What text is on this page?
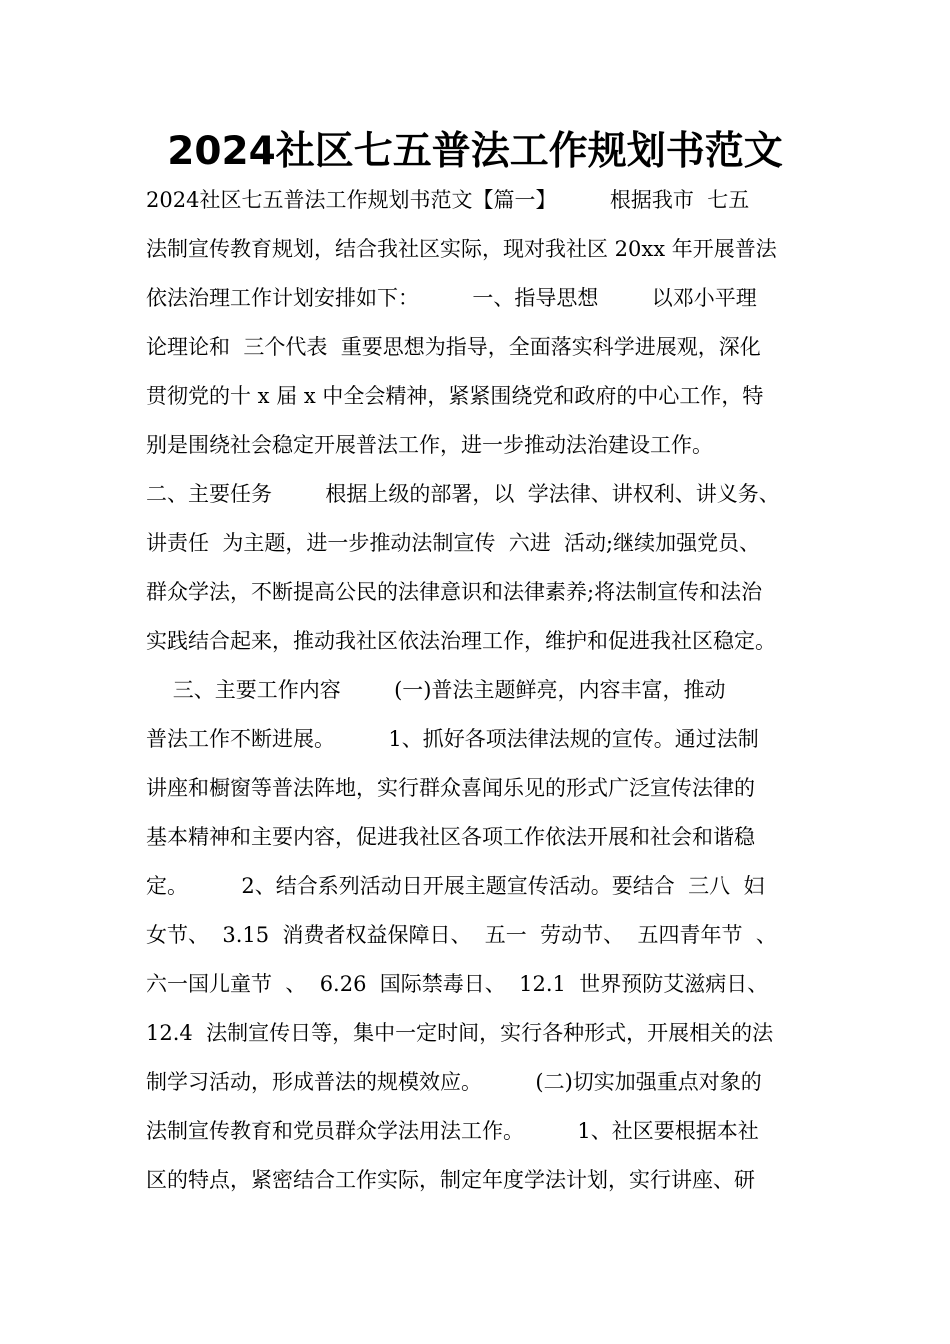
2024社区七五普法工作规划书范文
2024社区七五普法工作规划书范文【篇一】        根据我市  七五
法制宣传教育规划，结合我社区实际，现对我社区 20xx 年开展普法
依法治理工作计划安排如下：        一、指导思想        以邓小平理
论理论和  三个代表  重要思想为指导，全面落实科学进展观，深化
贯彻党的十 x 届 x 中全会精神，紧紧围绕党和政府的中心工作，特
别是围绕社会稳定开展普法工作，进一步推动法治建设工作。
二、主要任务        根据上级的部署，以  学法律、讲权利、讲义务、
讲责任  为主题，进一步推动法制宣传  六进  活动;继续加强党员、
群众学法，不断提高公民的法律意识和法律素养;将法制宣传和法治
实践结合起来，推动我社区依法治理工作，维护和促进我社区稳定。
三、主要工作内容        (一)普法主题鲜亮，内容丰富，推动
普法工作不断进展。        1、抓好各项法律法规的宣传。通过法制
讲座和橱窗等普法阵地，实行群众喜闻乐见的形式广泛宣传法律的
基本精神和主要内容，促进我社区各项工作依法开展和社会和谐稳
定。        2、结合系列活动日开展主题宣传活动。要结合  三八  妇
女节、  3.15  消费者权益保障日、  五一  劳动节、  五四青年节  、
六一国儿童节  、  6.26  国际禁毒日、  12.1  世界预防艾滋病日、
12.4  法制宣传日等，集中一定时间，实行各种形式，开展相关的法
制学习活动，形成普法的规模效应。        (二)切实加强重点对象的
法制宣传教育和党员群众学法用法工作。        1、社区要根据本社
区的特点，紧密结合工作实际，制定年度学法计划，实行讲座、研
